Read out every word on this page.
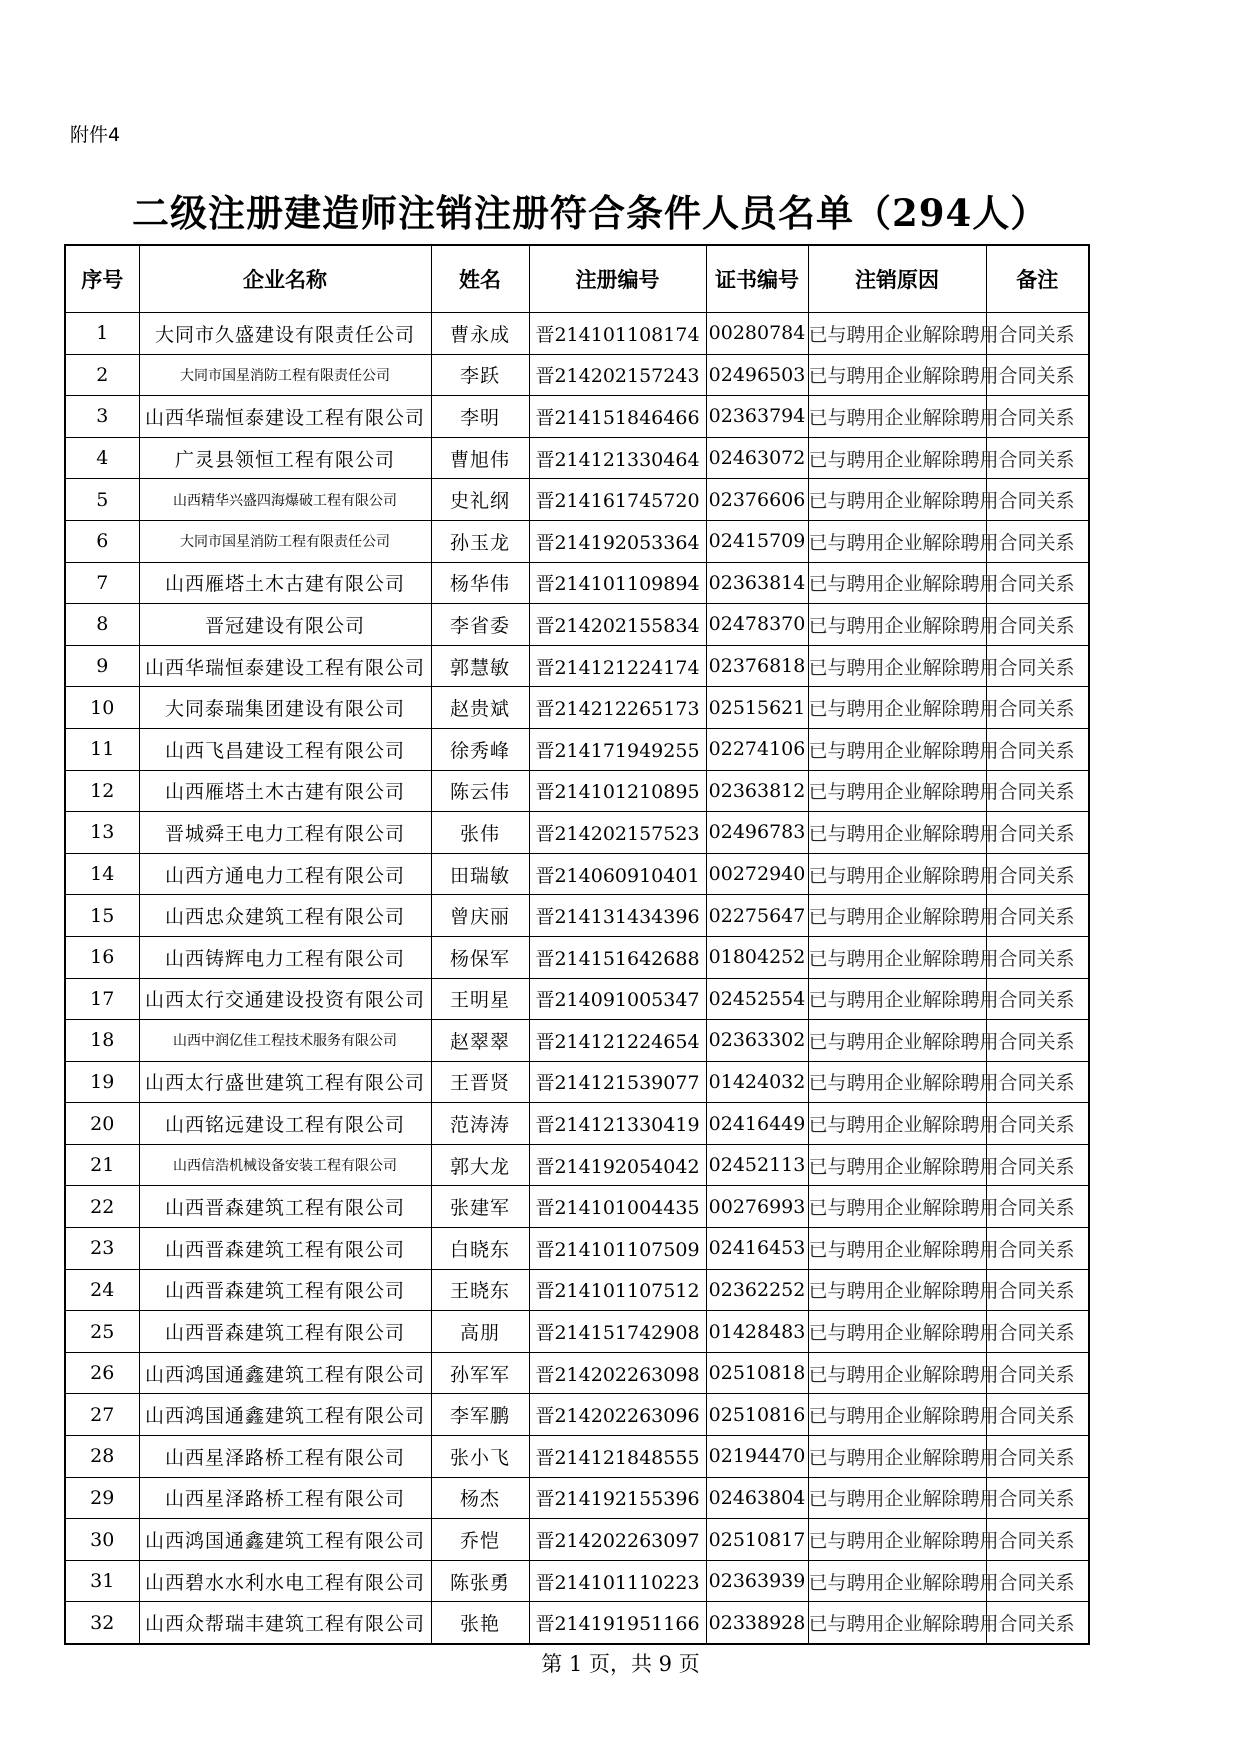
附件4
二级注册建造师注销注册符合条件人员名单（294人）
序号	企业名称	姓名	注册编号	证书编号	注销原因	备注
1	大同市久盛建设有限责任公司	曹永成	晋214101108174	00280784	已与聘用企业解除聘用合同关系	
2	大同市国星消防工程有限责任公司	李跃	晋214202157243	02496503	已与聘用企业解除聘用合同关系	
3	山西华瑞恒泰建设工程有限公司	李明	晋214151846466	02363794	已与聘用企业解除聘用合同关系	
4	广灵县领恒工程有限公司	曹旭伟	晋214121330464	02463072	已与聘用企业解除聘用合同关系	
5	山西精华兴盛四海爆破工程有限公司	史礼纲	晋214161745720	02376606	已与聘用企业解除聘用合同关系	
6	大同市国星消防工程有限责任公司	孙玉龙	晋214192053364	02415709	已与聘用企业解除聘用合同关系	
7	山西雁塔土木古建有限公司	杨华伟	晋214101109894	02363814	已与聘用企业解除聘用合同关系	
8	晋冠建设有限公司	李省委	晋214202155834	02478370	已与聘用企业解除聘用合同关系	
9	山西华瑞恒泰建设工程有限公司	郭慧敏	晋214121224174	02376818	已与聘用企业解除聘用合同关系	
10	大同泰瑞集团建设有限公司	赵贵斌	晋214212265173	02515621	已与聘用企业解除聘用合同关系	
11	山西飞昌建设工程有限公司	徐秀峰	晋214171949255	02274106	已与聘用企业解除聘用合同关系	
12	山西雁塔土木古建有限公司	陈云伟	晋214101210895	02363812	已与聘用企业解除聘用合同关系	
13	晋城舜王电力工程有限公司	张伟	晋214202157523	02496783	已与聘用企业解除聘用合同关系	
14	山西方通电力工程有限公司	田瑞敏	晋214060910401	00272940	已与聘用企业解除聘用合同关系	
15	山西忠众建筑工程有限公司	曾庆丽	晋214131434396	02275647	已与聘用企业解除聘用合同关系	
16	山西铸辉电力工程有限公司	杨保军	晋214151642688	01804252	已与聘用企业解除聘用合同关系	
17	山西太行交通建设投资有限公司	王明星	晋214091005347	02452554	已与聘用企业解除聘用合同关系	
18	山西中润亿佳工程技术服务有限公司	赵翠翠	晋214121224654	02363302	已与聘用企业解除聘用合同关系	
19	山西太行盛世建筑工程有限公司	王晋贤	晋214121539077	01424032	已与聘用企业解除聘用合同关系	
20	山西铭远建设工程有限公司	范涛涛	晋214121330419	02416449	已与聘用企业解除聘用合同关系	
21	山西信浩机械设备安装工程有限公司	郭大龙	晋214192054042	02452113	已与聘用企业解除聘用合同关系	
22	山西晋森建筑工程有限公司	张建军	晋214101004435	00276993	已与聘用企业解除聘用合同关系	
23	山西晋森建筑工程有限公司	白晓东	晋214101107509	02416453	已与聘用企业解除聘用合同关系	
24	山西晋森建筑工程有限公司	王晓东	晋214101107512	02362252	已与聘用企业解除聘用合同关系	
25	山西晋森建筑工程有限公司	高朋	晋214151742908	01428483	已与聘用企业解除聘用合同关系	
26	山西鸿国通鑫建筑工程有限公司	孙军军	晋214202263098	02510818	已与聘用企业解除聘用合同关系	
27	山西鸿国通鑫建筑工程有限公司	李军鹏	晋214202263096	02510816	已与聘用企业解除聘用合同关系	
28	山西星泽路桥工程有限公司	张小飞	晋214121848555	02194470	已与聘用企业解除聘用合同关系	
29	山西星泽路桥工程有限公司	杨杰	晋214192155396	02463804	已与聘用企业解除聘用合同关系	
30	山西鸿国通鑫建筑工程有限公司	乔恺	晋214202263097	02510817	已与聘用企业解除聘用合同关系	
31	山西碧水水利水电工程有限公司	陈张勇	晋214101110223	02363939	已与聘用企业解除聘用合同关系	
32	山西众帮瑞丰建筑工程有限公司	张艳	晋214191951166	02338928	已与聘用企业解除聘用合同关系	
第 1 页，共 9 页
